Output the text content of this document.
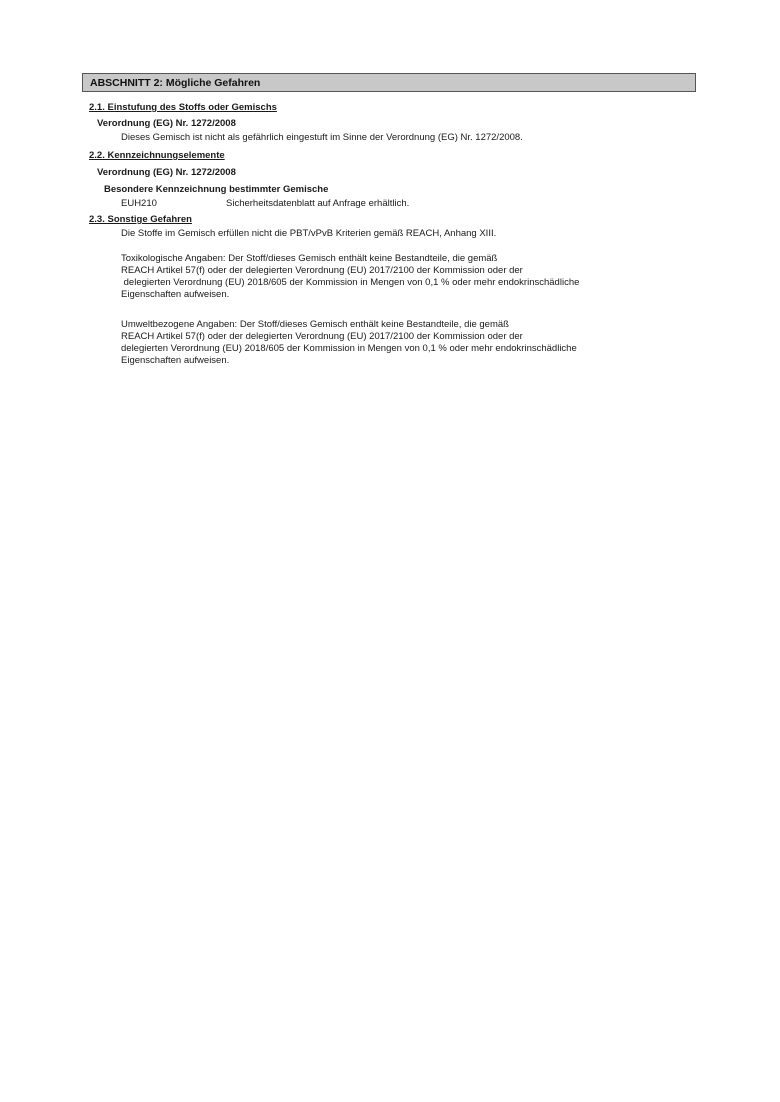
ABSCHNITT 2: Mögliche Gefahren
2.1. Einstufung des Stoffs oder Gemischs
Verordnung (EG) Nr. 1272/2008
Dieses Gemisch ist nicht als gefährlich eingestuft im Sinne der Verordnung (EG) Nr. 1272/2008.
2.2. Kennzeichnungselemente
Verordnung (EG) Nr. 1272/2008
Besondere Kennzeichnung bestimmter Gemische
EUH210	Sicherheitsdatenblatt auf Anfrage erhältlich.
2.3. Sonstige Gefahren
Die Stoffe im Gemisch erfüllen nicht die PBT/vPvB Kriterien gemäß REACH, Anhang XIII.
Toxikologische Angaben: Der Stoff/dieses Gemisch enthält keine Bestandteile, die gemäß
REACH Artikel 57(f) oder der delegierten Verordnung (EU) 2017/2100 der Kommission oder der
delegierten Verordnung (EU) 2018/605 der Kommission in Mengen von 0,1 % oder mehr endokrinschädliche
Eigenschaften aufweisen.
Umweltbezogene Angaben: Der Stoff/dieses Gemisch enthält keine Bestandteile, die gemäß
REACH Artikel 57(f) oder der delegierten Verordnung (EU) 2017/2100 der Kommission oder der
delegierten Verordnung (EU) 2018/605 der Kommission in Mengen von 0,1 % oder mehr endokrinschädliche
Eigenschaften aufweisen.
